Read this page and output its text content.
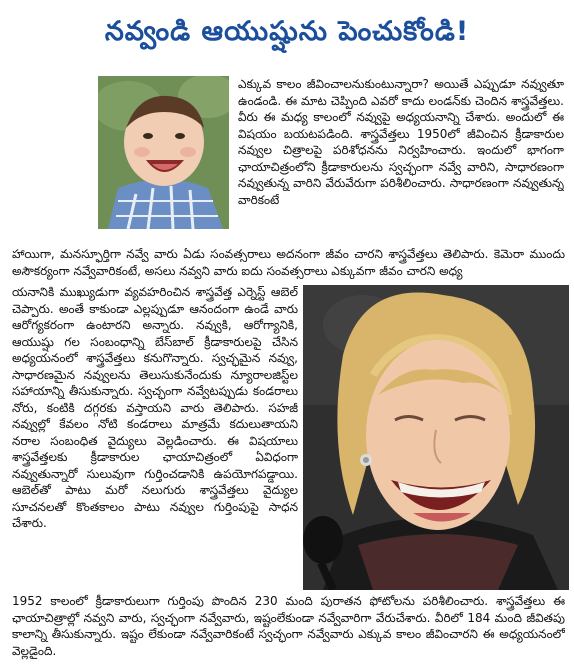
నవ్వండి ఆయుష్షును పెంచుకోండి!

ఎక్కువ కాలం జీవించాలనుకుంటున్నారా? అయితే ఎప్పుడూ నవ్వుతూ ఉండండి. ఈ మాట చెప్పింది ఎవరో కాదు లండన్‌కు చెందిన శాస్త్రవేత్తలు. వీరు ఈ మధ్య కాలంలో నవ్వుపై అధ్యయనాన్ని చేశారు. అందులో ఈ విషయం బయటపడింది. శాస్త్రవేత్తలు 1950లో జీవించిన క్రీడాకారుల నవ్వుల చిత్రాలపై పరిశోధనను నిర్వహించారు. ఇందులో భాగంగా ఛాయాచిత్రంలోని క్రీడాకారులను స్వచ్ఛంగా నవ్వే వారిని, సాధారణంగా నవ్వుతున్న వారిని వేరువేరుగా పరిశీలించారు. సాధారణంగా నవ్వుతున్న వారికంటే

హాయిగా, మనస్ఫూర్తిగా నవ్వే వారు ఏడు సంవత్సరాలు అదనంగా జీవం చారని శాస్త్రవేత్తలు తెలిపారు. కెమెరా ముందు అసౌకర్యంగా నవ్వేవారికంటే, అసలు నవ్వని వారు ఐదు సంవత్సరాలు ఎక్కువగా జీవం చారని అధ్య

యనానికి ముఖ్యుడుగా వ్యవహరించిన శాస్త్రవేత్త ఎర్నెస్ట్ ఆబెల్ చెప్పారు. అంతే కాకుండా ఎల్లప్పుడూ ఆనందంగా ఉండే వారు ఆరోగ్యకరంగా ఉంటారని అన్నారు. నవ్వుకి, ఆరోగ్యానికి, ఆయుష్షు గల సంబంధాన్ని బేస్‌బాల్ క్రీడాకారులపై చేసిన అధ్యయనంలో శాస్త్రవేత్తలు కనుగొన్నారు. స్వచ్ఛమైన నవ్వు, సాధారణమైన నవ్వులను తెలుసుకునేందుకు న్యూరాలజిస్ట్‌ల సహాయాన్ని తీసుకున్నారు. స్వచ్ఛంగా నవ్వేటప్పుడు కండరాలు నోరు, కంటికి దగ్గరకు వస్తాయని వారు తెలిపారు. సహజీ నవ్వుల్లో కేవలం నోటి కండరాలు మాత్రమే కదులుతాయని నరాల సంబంధిత వైద్యులు వెల్లడించారు. ఈ విషయాలు శాస్త్రవేత్తలకు క్రీడాకారుల ఛాయాచిత్రంలో ఏవిధంగా నవ్వుతున్నారో సులువుగా గుర్తించడానికి ఉపయోగపడ్డాయి. ఆబెల్‌తో పాటు మరో నలుగురు శాస్త్రవేత్తలు వైద్యుల సూచనలతో కొంతకాలం పాటు నవ్వుల గుర్తింపుపై సాధన చేశారు.

1952 కాలంలో క్రీడాకారులుగా గుర్తింపు పొందిన 230 మంది పురాతన ఫోటోలను పరిశీలించారు. శాస్త్రవేత్తలు ఈ ఛాయాచిత్రాల్లో నవ్వని వారు, స్వచ్ఛంగా నవ్వేవారు, ఇష్టంలేకుండా నవ్వేవారిగా వేరుచేశారు. వీరిలో 184 మంది జీవితపు కాలాన్ని తీసుకున్నారు. ఇష్టం లేకుండా నవ్వేవారికంటే స్వచ్ఛంగా నవ్వేవారు ఎక్కువ కాలం జీవించారని ఈ అధ్యయనంలో వెల్లడైంది.
